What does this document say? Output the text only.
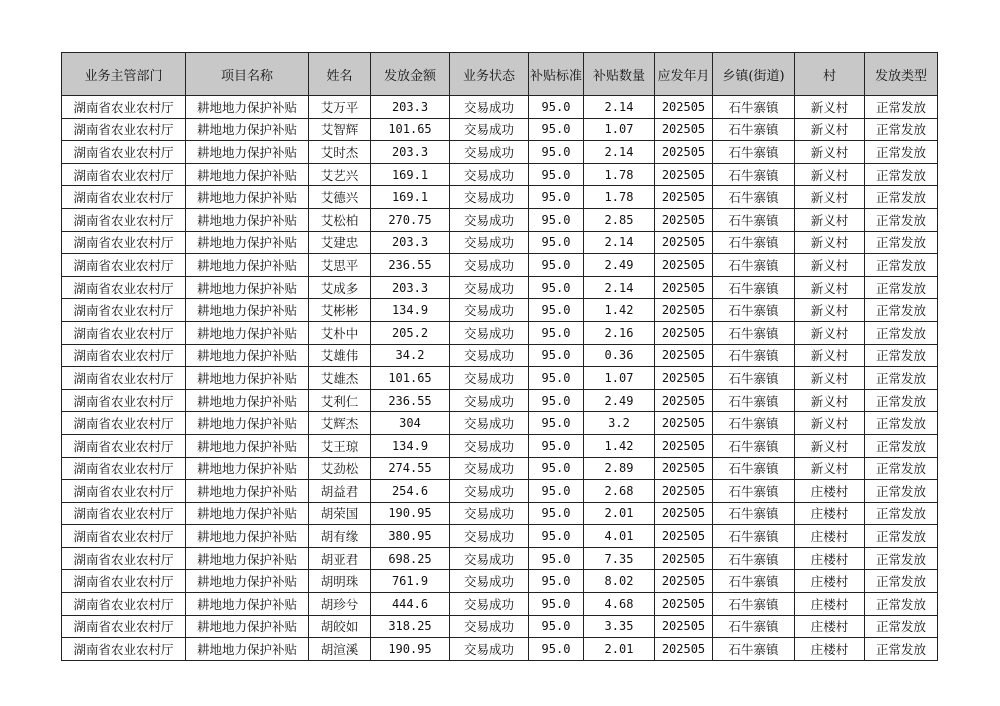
业务主管部门	项目名称	姓名	发放金额	业务状态	补贴标准	补贴数量	应发年月	乡镇(街道)	村	发放类型
湖南省农业农村厅	耕地地力保护补贴	艾万平	203.3	交易成功	95.0	2.14	202505	石牛寨镇	新义村	正常发放
湖南省农业农村厅	耕地地力保护补贴	艾智辉	101.65	交易成功	95.0	1.07	202505	石牛寨镇	新义村	正常发放
湖南省农业农村厅	耕地地力保护补贴	艾时杰	203.3	交易成功	95.0	2.14	202505	石牛寨镇	新义村	正常发放
湖南省农业农村厅	耕地地力保护补贴	艾艺兴	169.1	交易成功	95.0	1.78	202505	石牛寨镇	新义村	正常发放
湖南省农业农村厅	耕地地力保护补贴	艾德兴	169.1	交易成功	95.0	1.78	202505	石牛寨镇	新义村	正常发放
湖南省农业农村厅	耕地地力保护补贴	艾松柏	270.75	交易成功	95.0	2.85	202505	石牛寨镇	新义村	正常发放
湖南省农业农村厅	耕地地力保护补贴	艾建忠	203.3	交易成功	95.0	2.14	202505	石牛寨镇	新义村	正常发放
湖南省农业农村厅	耕地地力保护补贴	艾思平	236.55	交易成功	95.0	2.49	202505	石牛寨镇	新义村	正常发放
湖南省农业农村厅	耕地地力保护补贴	艾成多	203.3	交易成功	95.0	2.14	202505	石牛寨镇	新义村	正常发放
湖南省农业农村厅	耕地地力保护补贴	艾彬彬	134.9	交易成功	95.0	1.42	202505	石牛寨镇	新义村	正常发放
湖南省农业农村厅	耕地地力保护补贴	艾朴中	205.2	交易成功	95.0	2.16	202505	石牛寨镇	新义村	正常发放
湖南省农业农村厅	耕地地力保护补贴	艾雄伟	34.2	交易成功	95.0	0.36	202505	石牛寨镇	新义村	正常发放
湖南省农业农村厅	耕地地力保护补贴	艾雄杰	101.65	交易成功	95.0	1.07	202505	石牛寨镇	新义村	正常发放
湖南省农业农村厅	耕地地力保护补贴	艾利仁	236.55	交易成功	95.0	2.49	202505	石牛寨镇	新义村	正常发放
湖南省农业农村厅	耕地地力保护补贴	艾辉杰	304	交易成功	95.0	3.2	202505	石牛寨镇	新义村	正常发放
湖南省农业农村厅	耕地地力保护补贴	艾王琼	134.9	交易成功	95.0	1.42	202505	石牛寨镇	新义村	正常发放
湖南省农业农村厅	耕地地力保护补贴	艾劲松	274.55	交易成功	95.0	2.89	202505	石牛寨镇	新义村	正常发放
湖南省农业农村厅	耕地地力保护补贴	胡益君	254.6	交易成功	95.0	2.68	202505	石牛寨镇	庄楼村	正常发放
湖南省农业农村厅	耕地地力保护补贴	胡荣国	190.95	交易成功	95.0	2.01	202505	石牛寨镇	庄楼村	正常发放
湖南省农业农村厅	耕地地力保护补贴	胡有缘	380.95	交易成功	95.0	4.01	202505	石牛寨镇	庄楼村	正常发放
湖南省农业农村厅	耕地地力保护补贴	胡亚君	698.25	交易成功	95.0	7.35	202505	石牛寨镇	庄楼村	正常发放
湖南省农业农村厅	耕地地力保护补贴	胡明珠	761.9	交易成功	95.0	8.02	202505	石牛寨镇	庄楼村	正常发放
湖南省农业农村厅	耕地地力保护补贴	胡珍兮	444.6	交易成功	95.0	4.68	202505	石牛寨镇	庄楼村	正常发放
湖南省农业农村厅	耕地地力保护补贴	胡皎如	318.25	交易成功	95.0	3.35	202505	石牛寨镇	庄楼村	正常发放
湖南省农业农村厅	耕地地力保护补贴	胡渲溪	190.95	交易成功	95.0	2.01	202505	石牛寨镇	庄楼村	正常发放
